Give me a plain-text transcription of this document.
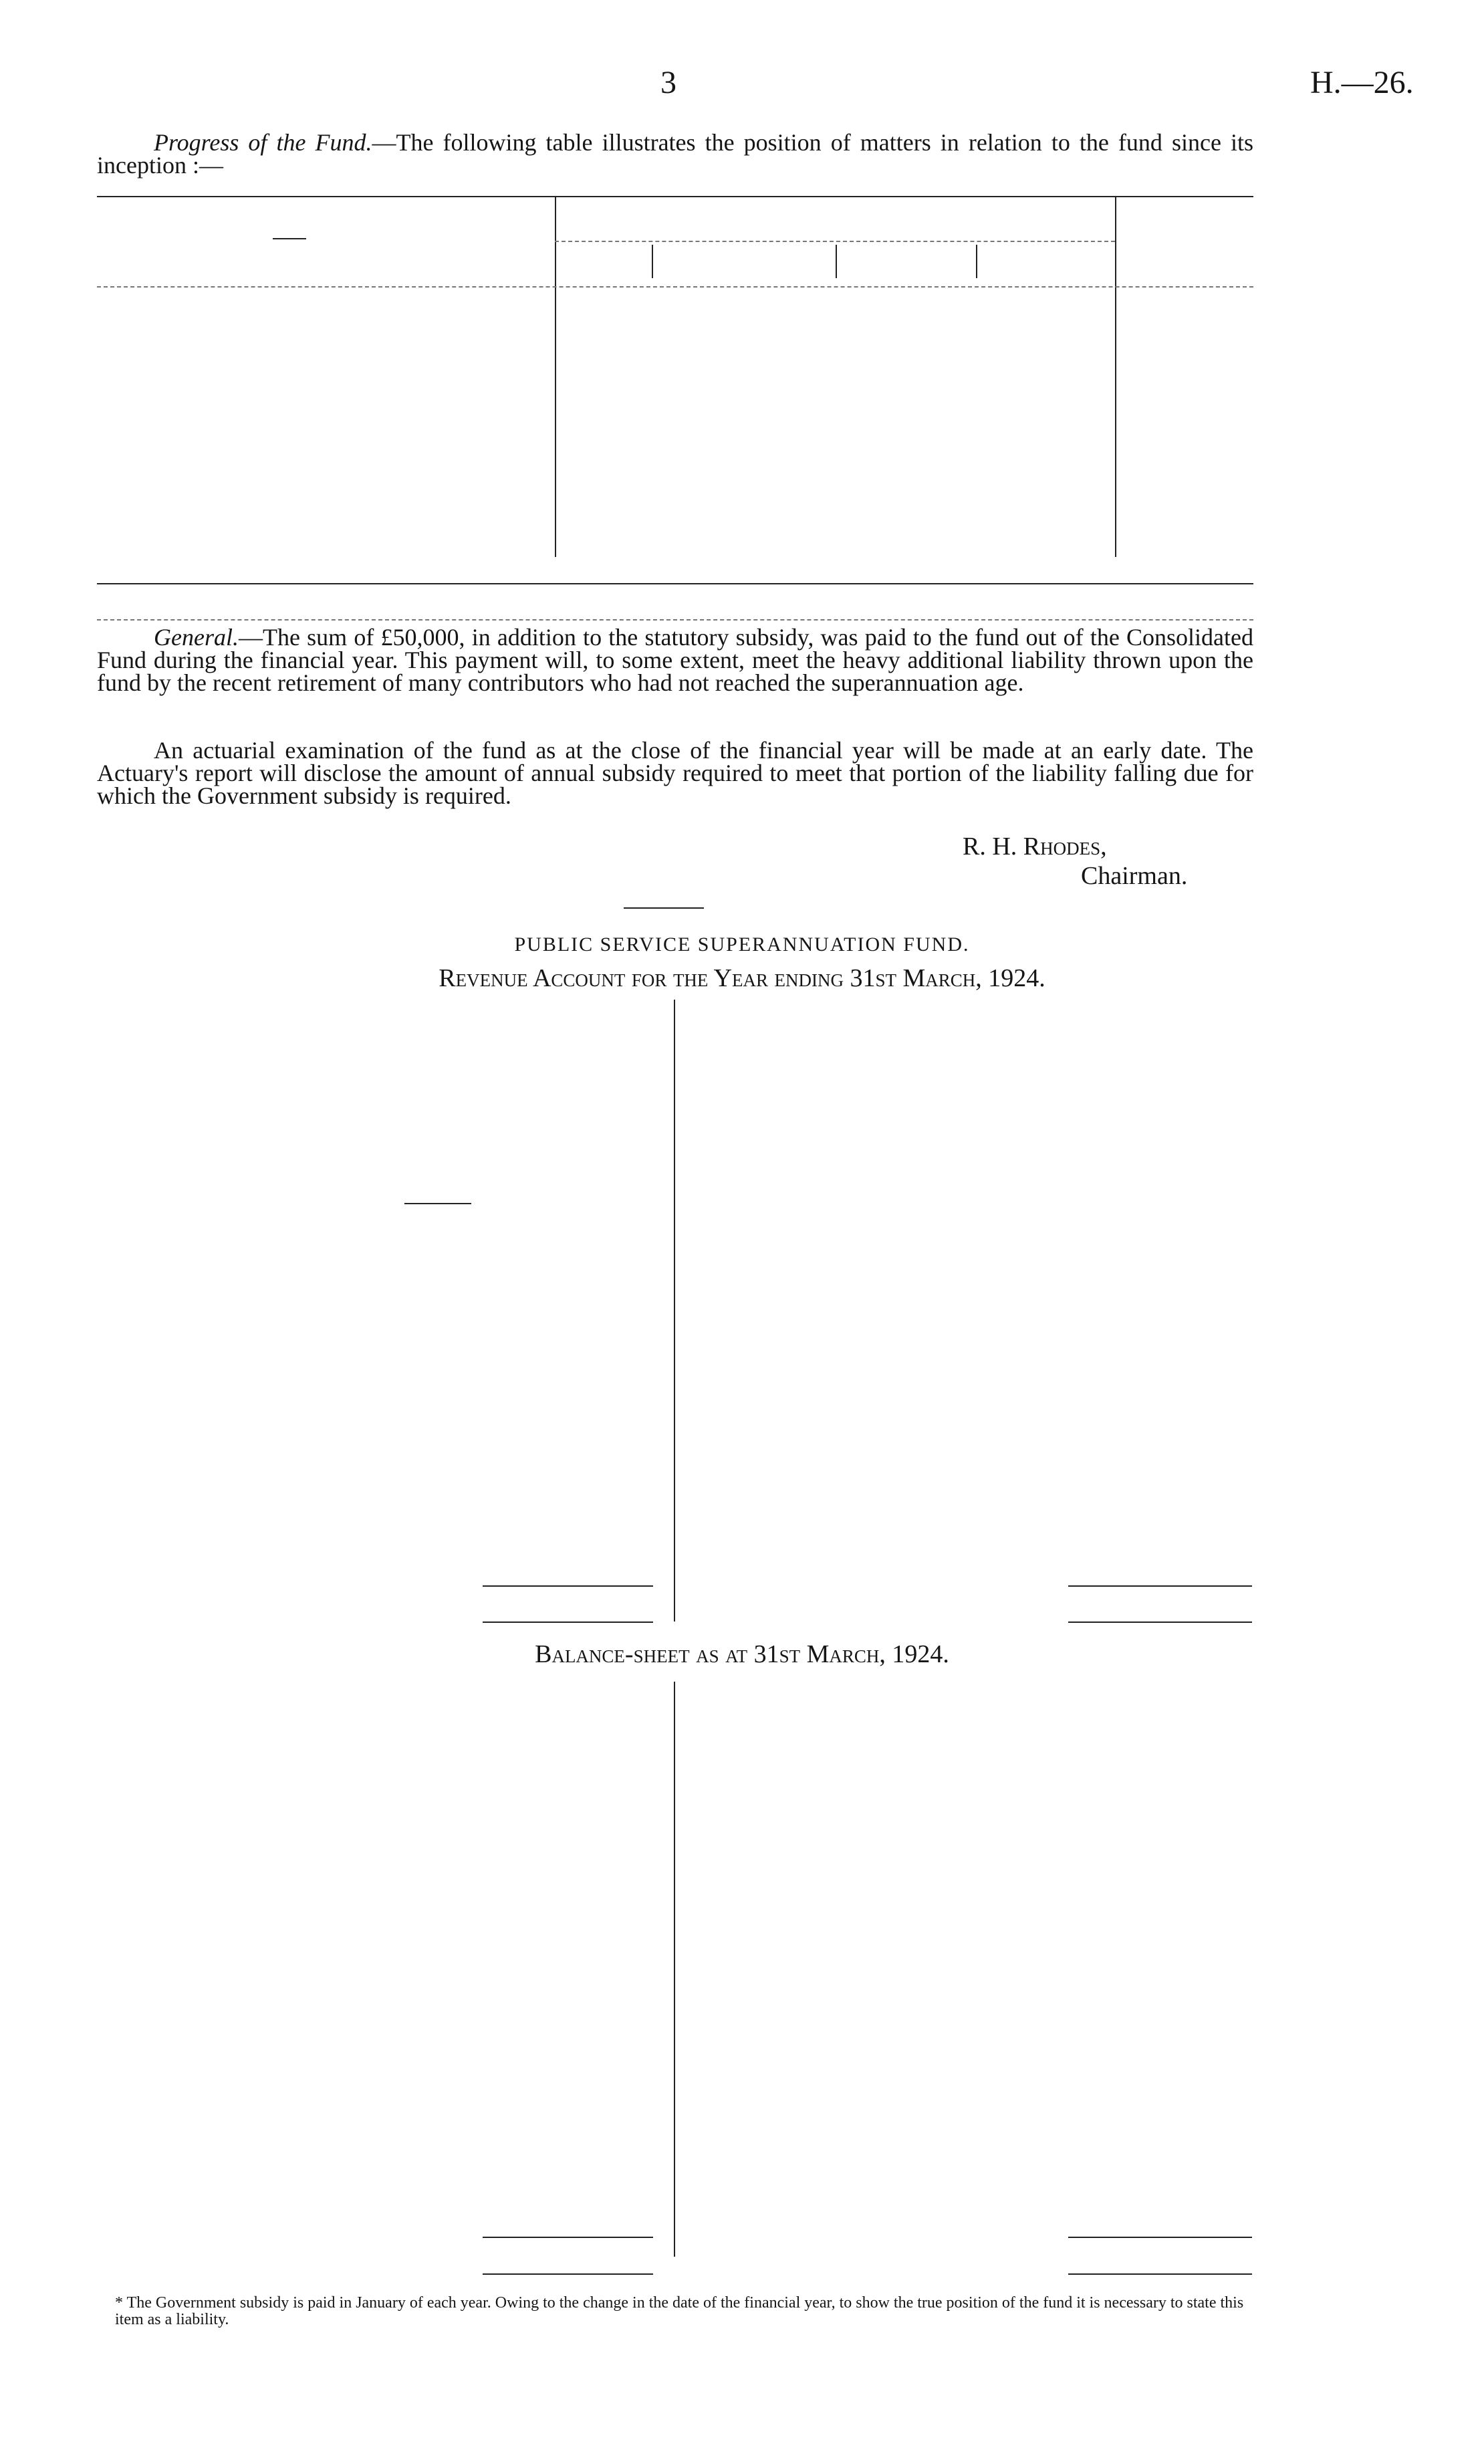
3	H.—26.

Progress of the Fund.—The following table illustrates the position of matters in relation to the fund since its inception :—

General.—The sum of £50,000, in addition to the statutory subsidy, was paid to the fund out of the Consolidated Fund during the financial year. This payment will, to some extent, meet the heavy additional liability thrown upon the fund by the recent retirement of many contributors who had not reached the superannuation age.

An actuarial examination of the fund as at the close of the financial year will be made at an early date. The Actuary's report will disclose the amount of annual subsidy required to meet that portion of the liability falling due for which the Government subsidy is required.

R. H. Rhodes,
Chairman.
PUBLIC SERVICE SUPERANNUATION FUND.
Revenue Account for the Year ending 31st March, 1924.
Balance-sheet as at 31st March, 1924.

* The Government subsidy is paid in January of each year. Owing to the change in the date of the financial year, to show the true position of the fund it is necessary to state this item as a liability.
